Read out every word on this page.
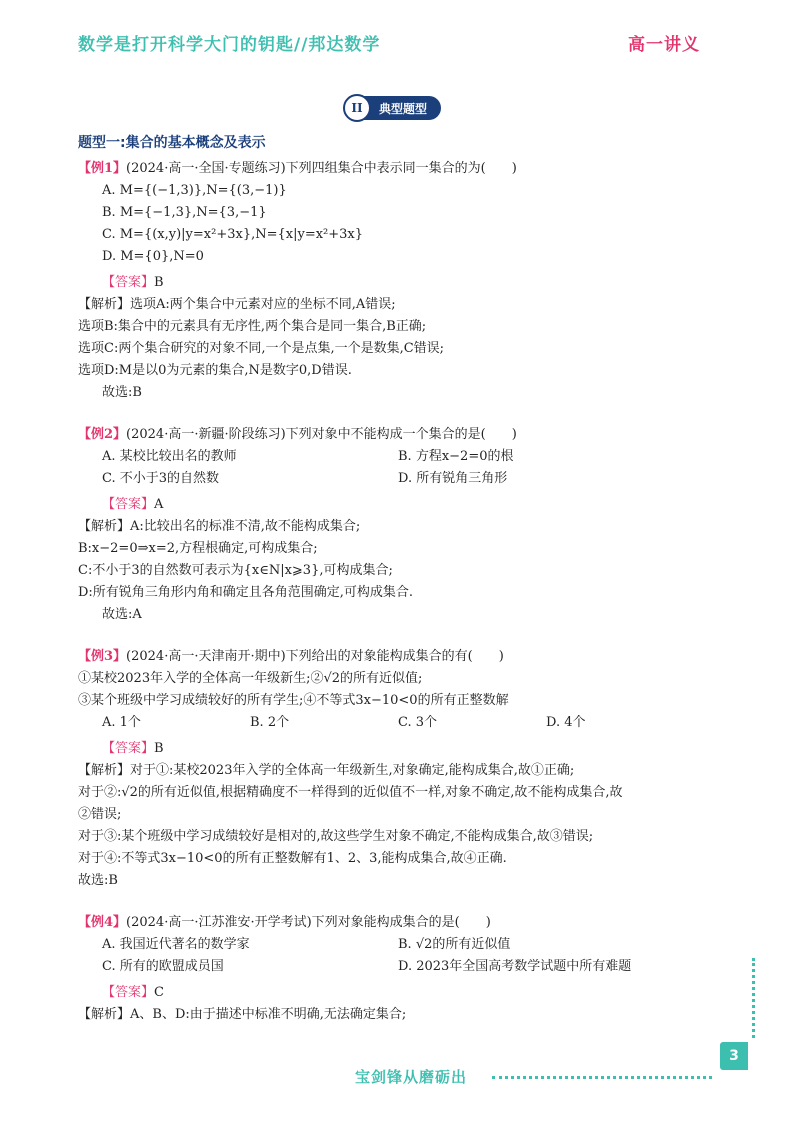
数学是打开科学大门的钥匙//邦达数学	高一讲义
II	典型题型
题型一:集合的基本概念及表示
【例1】(2024·高一·全国·专题练习)下列四组集合中表示同一集合的为(　　)
A. M={(−1,3)},N={(3,−1)}
B. M={−1,3},N={3,−1}
C. M={(x,y)|y=x²+3x},N={x|y=x²+3x}
D. M={0},N=0
【答案】B
【解析】选项A:两个集合中元素对应的坐标不同,A错误;
选项B:集合中的元素具有无序性,两个集合是同一集合,B正确;
选项C:两个集合研究的对象不同,一个是点集,一个是数集,C错误;
选项D:M是以0为元素的集合,N是数字0,D错误.
故选:B
【例2】(2024·高一·新疆·阶段练习)下列对象中不能构成一个集合的是(　　)
A. 某校比较出名的教师	B. 方程x−2=0的根
C. 不小于3的自然数	D. 所有锐角三角形
【答案】A
【解析】A:比较出名的标准不清,故不能构成集合;
B:x−2=0⇒x=2,方程根确定,可构成集合;
C:不小于3的自然数可表示为{x∈N|x⩾3},可构成集合;
D:所有锐角三角形内角和确定且各角范围确定,可构成集合.
故选:A
【例3】(2024·高一·天津南开·期中)下列给出的对象能构成集合的有(　　)
①某校2023年入学的全体高一年级新生;②√2的所有近似值;
③某个班级中学习成绩较好的所有学生;④不等式3x−10<0的所有正整数解
A. 1个	B. 2个	C. 3个	D. 4个
【答案】B
【解析】对于①:某校2023年入学的全体高一年级新生,对象确定,能构成集合,故①正确;
对于②:√2的所有近似值,根据精确度不一样得到的近似值不一样,对象不确定,故不能构成集合,故
②错误;
对于③:某个班级中学习成绩较好是相对的,故这些学生对象不确定,不能构成集合,故③错误;
对于④:不等式3x−10<0的所有正整数解有1、2、3,能构成集合,故④正确.
故选:B
【例4】(2024·高一·江苏淮安·开学考试)下列对象能构成集合的是(　　)
A. 我国近代著名的数学家	B. √2的所有近似值
C. 所有的欧盟成员国	D. 2023年全国高考数学试题中所有难题
【答案】C
【解析】A、B、D:由于描述中标准不明确,无法确定集合;
3
宝剑锋从磨砺出
